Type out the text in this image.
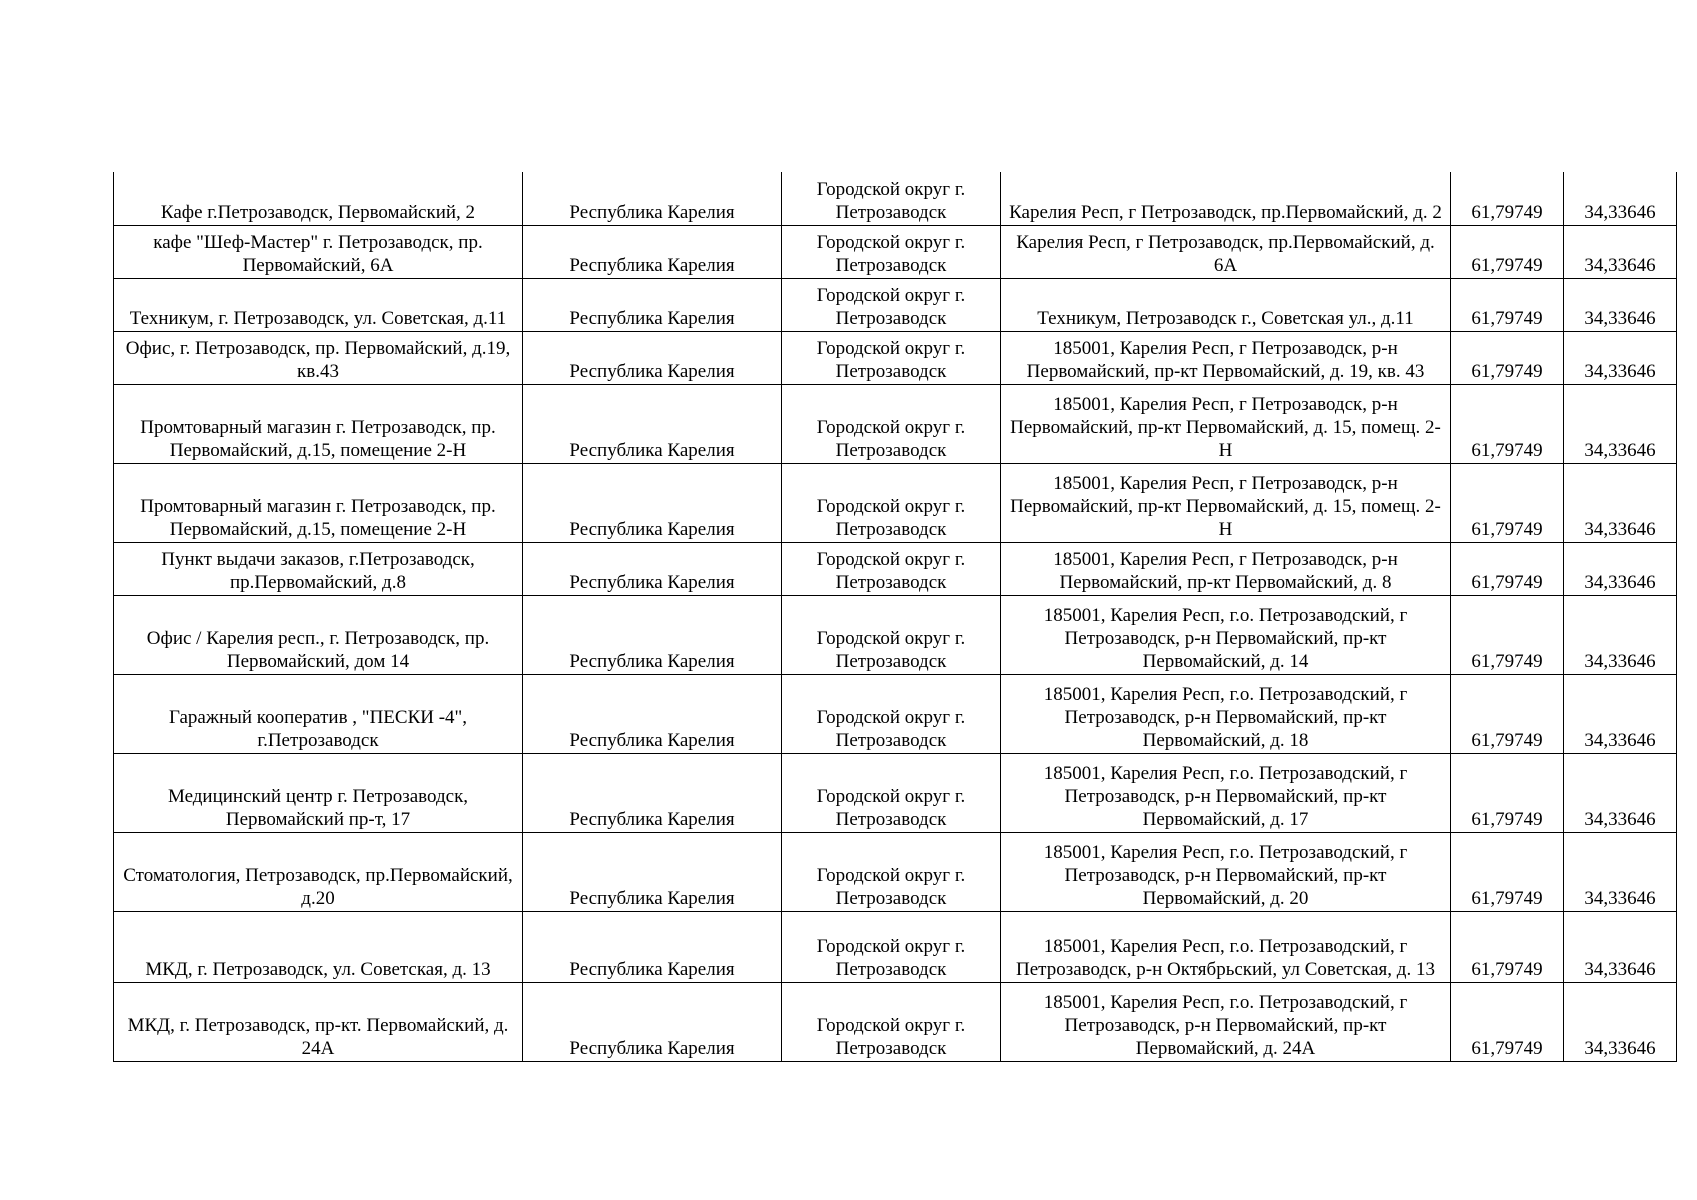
Кафе г.Петрозаводск, Первомайский, 2	Республика Карелия	Городской округ г. Петрозаводск	Карелия Респ, г Петрозаводск, пр.Первомайский, д. 2	61,79749	34,33646
кафе "Шеф-Мастер" г. Петрозаводск, пр. Первомайский, 6А	Республика Карелия	Городской округ г. Петрозаводск	Карелия Респ, г Петрозаводск, пр.Первомайский, д. 6А	61,79749	34,33646
Техникум, г. Петрозаводск, ул. Советская, д.11	Республика Карелия	Городской округ г. Петрозаводск	Техникум, Петрозаводск г., Советская ул., д.11	61,79749	34,33646
Офис, г. Петрозаводск, пр. Первомайский, д.19, кв.43	Республика Карелия	Городской округ г. Петрозаводск	185001, Карелия Респ, г Петрозаводск, р-н Первомайский, пр-кт Первомайский, д. 19, кв. 43	61,79749	34,33646
Промтоварный магазин г. Петрозаводск, пр. Первомайский, д.15, помещение 2-Н	Республика Карелия	Городской округ г. Петрозаводск	185001, Карелия Респ, г Петрозаводск, р-н Первомайский, пр-кт Первомайский, д. 15, помещ. 2-Н	61,79749	34,33646
Промтоварный магазин г. Петрозаводск, пр. Первомайский, д.15, помещение 2-Н	Республика Карелия	Городской округ г. Петрозаводск	185001, Карелия Респ, г Петрозаводск, р-н Первомайский, пр-кт Первомайский, д. 15, помещ. 2-Н	61,79749	34,33646
Пункт выдачи заказов, г.Петрозаводск, пр.Первомайский, д.8	Республика Карелия	Городской округ г. Петрозаводск	185001, Карелия Респ, г Петрозаводск, р-н Первомайский, пр-кт Первомайский, д. 8	61,79749	34,33646
Офис / Карелия респ., г. Петрозаводск, пр. Первомайский, дом 14	Республика Карелия	Городской округ г. Петрозаводск	185001, Карелия Респ, г.о. Петрозаводский, г Петрозаводск, р-н Первомайский, пр-кт Первомайский, д. 14	61,79749	34,33646
Гаражный кооператив , "ПЕСКИ -4", г.Петрозаводск	Республика Карелия	Городской округ г. Петрозаводск	185001, Карелия Респ, г.о. Петрозаводский, г Петрозаводск, р-н Первомайский, пр-кт Первомайский, д. 18	61,79749	34,33646
Медицинский центр г. Петрозаводск, Первомайский пр-т, 17	Республика Карелия	Городской округ г. Петрозаводск	185001, Карелия Респ, г.о. Петрозаводский, г Петрозаводск, р-н Первомайский, пр-кт Первомайский, д. 17	61,79749	34,33646
Стоматология, Петрозаводск, пр.Первомайский, д.20	Республика Карелия	Городской округ г. Петрозаводск	185001, Карелия Респ, г.о. Петрозаводский, г Петрозаводск, р-н Первомайский, пр-кт Первомайский, д. 20	61,79749	34,33646
МКД, г. Петрозаводск, ул. Советская, д. 13	Республика Карелия	Городской округ г. Петрозаводск	185001, Карелия Респ, г.о. Петрозаводский, г Петрозаводск, р-н Октябрьский, ул Советская, д. 13	61,79749	34,33646
МКД, г. Петрозаводск, пр-кт. Первомайский, д. 24А	Республика Карелия	Городской округ г. Петрозаводск	185001, Карелия Респ, г.о. Петрозаводский, г Петрозаводск, р-н Первомайский, пр-кт Первомайский, д. 24А	61,79749	34,33646
